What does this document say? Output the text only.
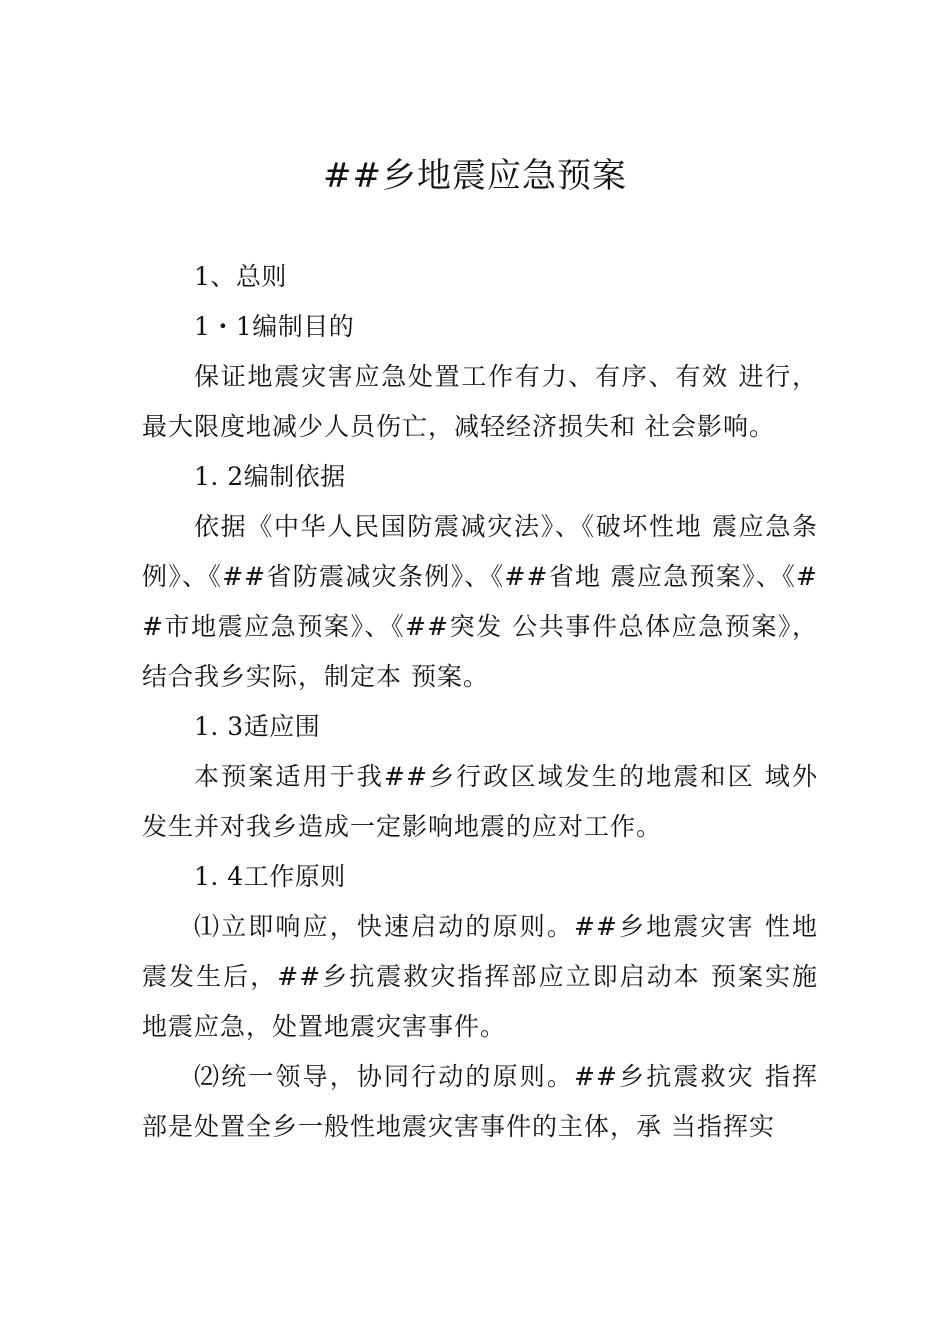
##乡地震应急预案

1、总则

1・1编制目的

保证地震灾害应急处置工作有力、有序、有效 进行，最大限度地减少人员伤亡，减轻经济损失和 社会影响。

1. 2编制依据

依据《中华人民国防震减灾法》、《破坏性地 震应急条例》、《##省防震减灾条例》、《##省地 震应急预案》、《##市地震应急预案》、《##突发 公共事件总体应急预案》，结合我乡实际，制定本 预案。

1. 3适应围

本预案适用于我##乡行政区域发生的地震和区 域外发生并对我乡造成一定影响地震的应对工作。

1. 4工作原则

⑴立即响应，快速启动的原则。##乡地震灾害 性地震发生后，##乡抗震救灾指挥部应立即启动本 预案实施地震应急，处置地震灾害事件。

⑵统一领导，协同行动的原则。##乡抗震救灾 指挥部是处置全乡一般性地震灾害事件的主体，承 当指挥实
